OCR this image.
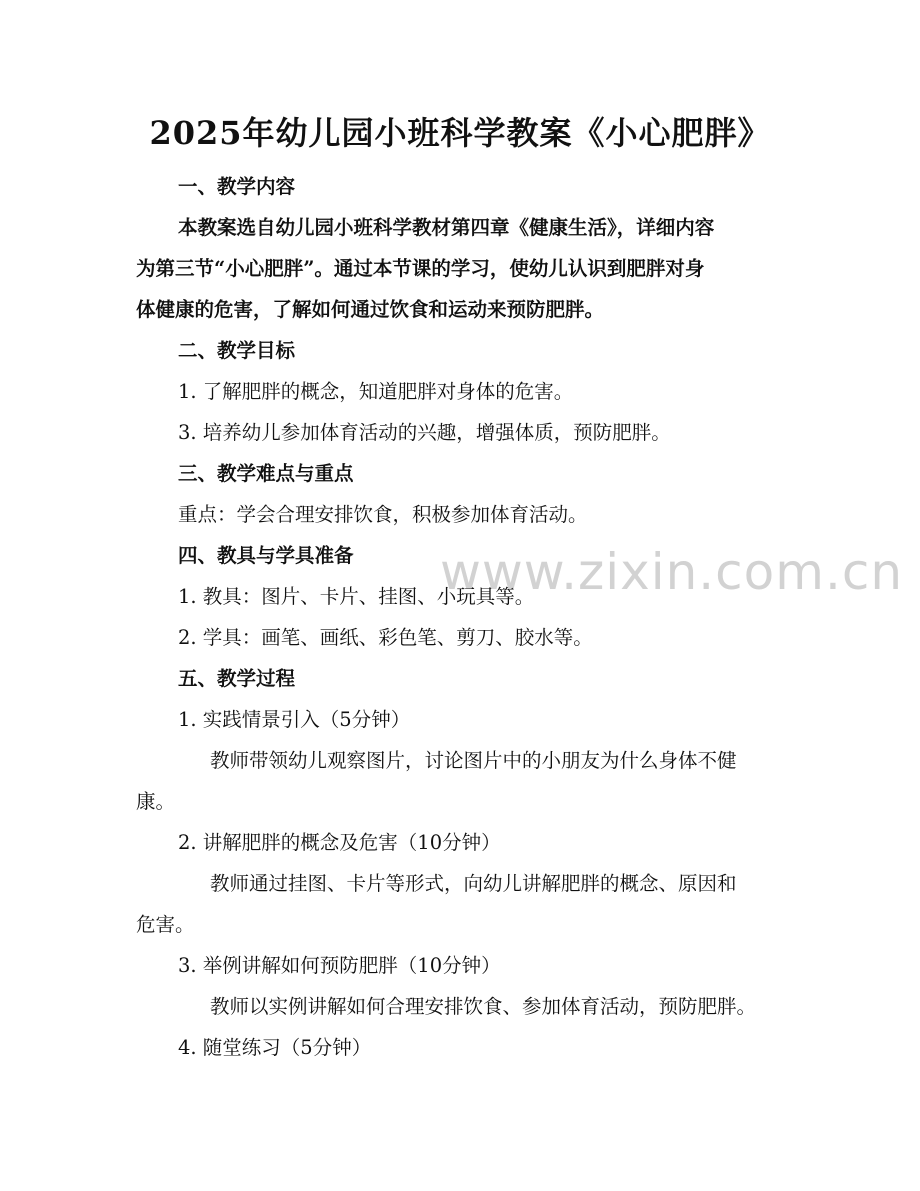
www.zixin.com.cn
2025年幼儿园小班科学教案《小心肥胖》
一、教学内容
本教案选自幼儿园小班科学教材第四章《健康生活》，详细内容
为第三节“小心肥胖”。通过本节课的学习，使幼儿认识到肥胖对身
体健康的危害，了解如何通过饮食和运动来预防肥胖。
二、教学目标
1. 了解肥胖的概念，知道肥胖对身体的危害。
3. 培养幼儿参加体育活动的兴趣，增强体质，预防肥胖。
三、教学难点与重点
重点：学会合理安排饮食，积极参加体育活动。
四、教具与学具准备
1. 教具：图片、卡片、挂图、小玩具等。
2. 学具：画笔、画纸、彩色笔、剪刀、胶水等。
五、教学过程
1. 实践情景引入（5分钟）
教师带领幼儿观察图片，讨论图片中的小朋友为什么身体不健
康。
2. 讲解肥胖的概念及危害（10分钟）
教师通过挂图、卡片等形式，向幼儿讲解肥胖的概念、原因和
危害。
3. 举例讲解如何预防肥胖（10分钟）
教师以实例讲解如何合理安排饮食、参加体育活动，预防肥胖。
4. 随堂练习（5分钟）
